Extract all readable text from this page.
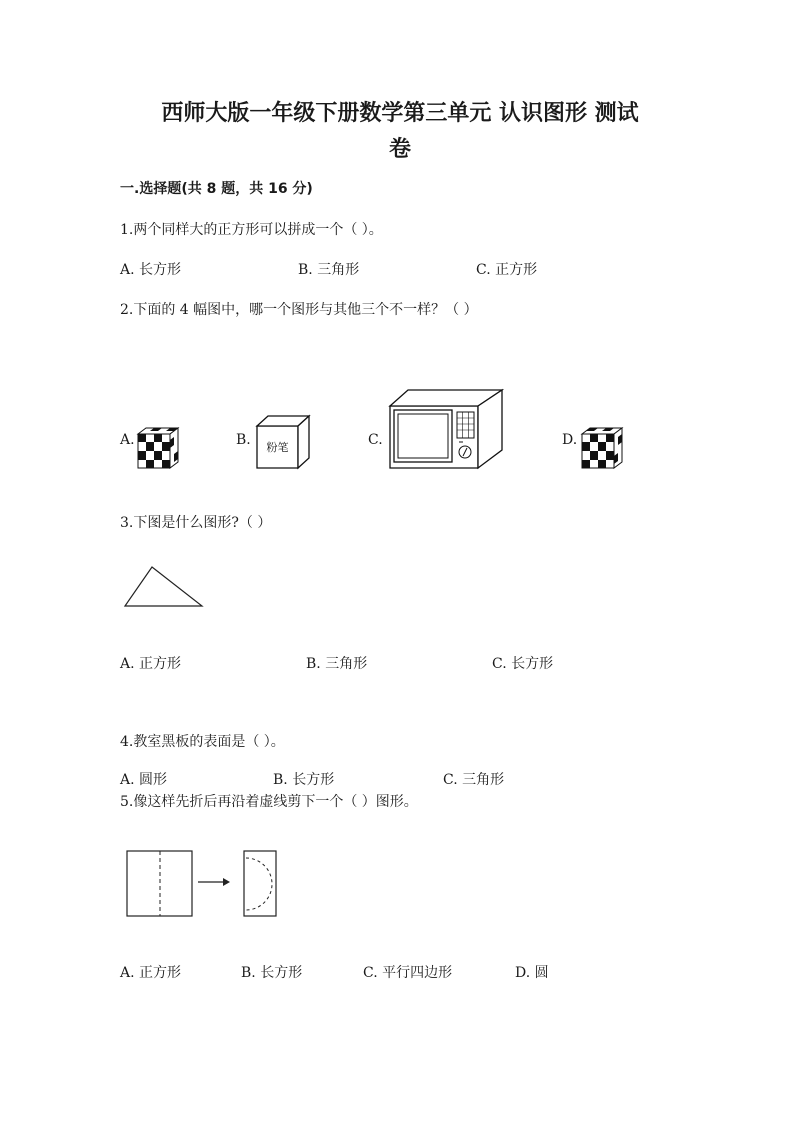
西师大版一年级下册数学第三单元 认识图形 测试
卷
一.选择题(共 8 题，共 16 分)
1.两个同样大的正方形可以拼成一个（ ）。
A. 长方形	B. 三角形	C. 正方形
2.下面的 4 幅图中，哪一个图形与其他三个不一样？（ ）
A.	B. 粉笔	C.	D.
3.下图是什么图形?（ ）
A. 正方形	B. 三角形	C. 长方形
4.教室黑板的表面是（ ）。
A. 圆形	B. 长方形	C. 三角形
5.像这样先折后再沿着虚线剪下一个（ ）图形。
A. 正方形	B. 长方形	C. 平行四边形	D. 圆
